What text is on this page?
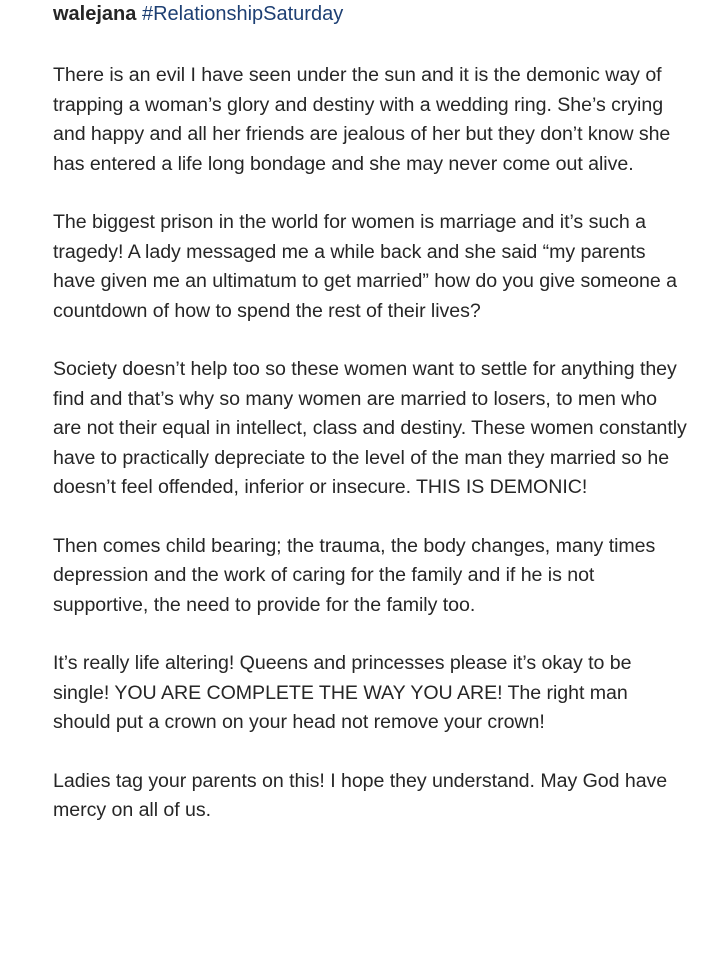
walejana #RelationshipSaturday

There is an evil I have seen under the sun and it is the demonic way of trapping a woman’s glory and destiny with a wedding ring. She’s crying and happy and all her friends are jealous of her but they don’t know she has entered a life long bondage and she may never come out alive.

The biggest prison in the world for women is marriage and it’s such a tragedy! A lady messaged me a while back and she said “my parents have given me an ultimatum to get married” how do you give someone a countdown of how to spend the rest of their lives?

Society doesn’t help too so these women want to settle for anything they find and that’s why so many women are married to losers, to men who are not their equal in intellect, class and destiny. These women constantly have to practically depreciate to the level of the man they married so he doesn’t feel offended, inferior or insecure. THIS IS DEMONIC!

Then comes child bearing; the trauma, the body changes, many times depression and the work of caring for the family and if he is not supportive, the need to provide for the family too.

It’s really life altering! Queens and princesses please it’s okay to be single! YOU ARE COMPLETE THE WAY YOU ARE! The right man should put a crown on your head not remove your crown!

Ladies tag your parents on this! I hope they understand. May God have mercy on all of us.
